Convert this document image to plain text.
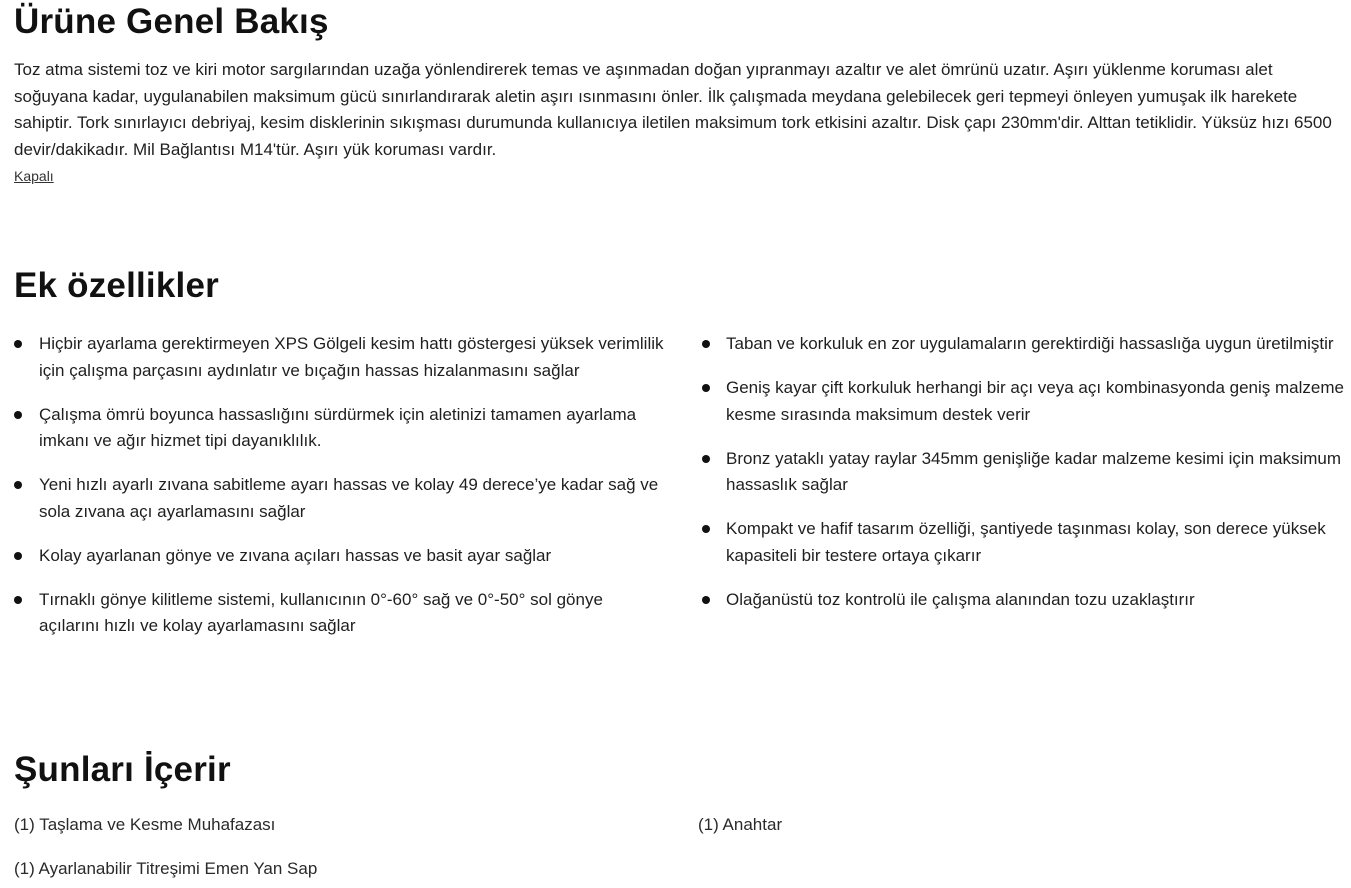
Ürüne Genel Bakış

Toz atma sistemi toz ve kiri motor sargılarından uzağa yönlendirerek temas ve aşınmadan doğan yıpranmayı azaltır ve alet ömrünü uzatır. Aşırı yüklenme koruması alet soğuyana kadar, uygulanabilen maksimum gücü sınırlandırarak aletin aşırı ısınmasını önler. İlk çalışmada meydana gelebilecek geri tepmeyi önleyen yumuşak ilk harekete sahiptir. Tork sınırlayıcı debriyaj, kesim disklerinin sıkışması durumunda kullanıcıya iletilen maksimum tork etkisini azaltır. Disk çapı 230mm'dir. Alttan tetiklidir. Yüksüz hızı 6500 devir/dakikadır. Mil Bağlantısı M14'tür. Aşırı yük koruması vardır.

Kapalı
Ek özellikler
Hiçbir ayarlama gerektirmeyen XPS Gölgeli kesim hattı göstergesi yüksek verimlilik için çalışma parçasını aydınlatır ve bıçağın hassas hizalanmasını sağlar
Çalışma ömrü boyunca hassaslığını sürdürmek için aletinizi tamamen ayarlama imkanı ve ağır hizmet tipi dayanıklılık.
Yeni hızlı ayarlı zıvana sabitleme ayarı hassas ve kolay 49 derece’ye kadar sağ ve sola zıvana açı ayarlamasını sağlar
Kolay ayarlanan gönye ve zıvana açıları hassas ve basit ayar sağlar
Tırnaklı gönye kilitleme sistemi, kullanıcının 0°-60° sağ ve 0°-50° sol gönye açılarını hızlı ve kolay ayarlamasını sağlar
Taban ve korkuluk en zor uygulamaların gerektirdiği hassaslığa uygun üretilmiştir
Geniş kayar çift korkuluk herhangi bir açı veya açı kombinasyonda geniş malzeme kesme sırasında maksimum destek verir
Bronz yataklı yatay raylar 345mm genişliğe kadar malzeme kesimi için maksimum hassaslık sağlar
Kompakt ve hafif tasarım özelliği, şantiyede taşınması kolay, son derece yüksek kapasiteli bir testere ortaya çıkarır
Olağanüstü toz kontrolü ile çalışma alanından tozu uzaklaştırır
Şunları İçerir
(1) Taşlama ve Kesme Muhafazası	(1) Anahtar
(1) Ayarlanabilir Titreşimi Emen Yan Sap
